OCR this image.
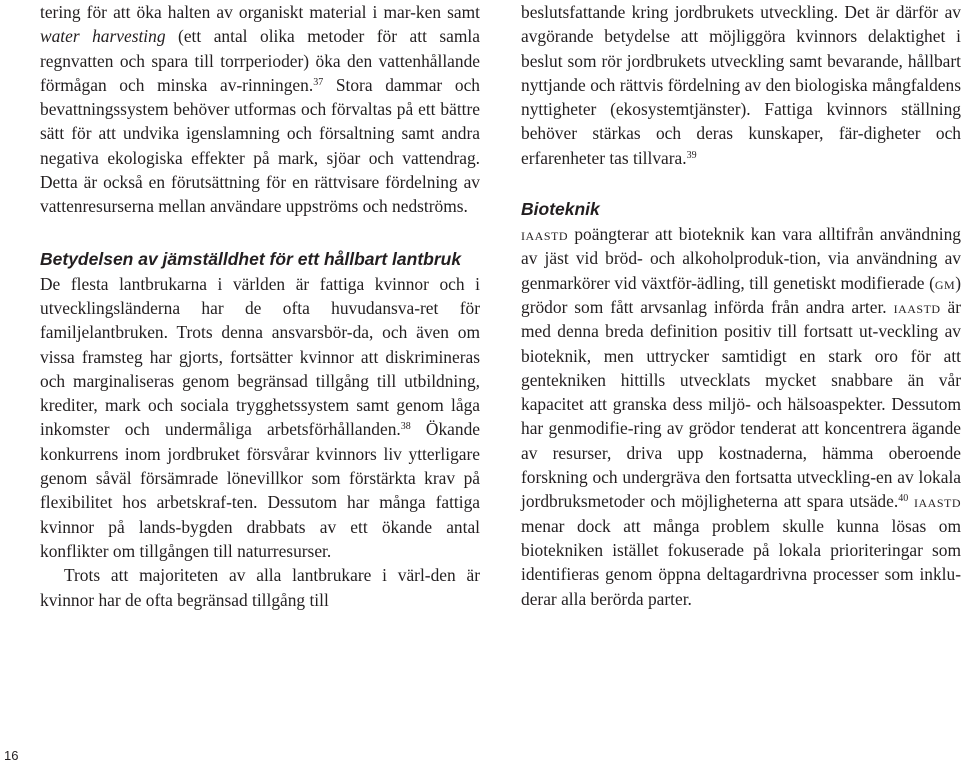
tering för att öka halten av organiskt material i mar-ken samt water harvesting (ett antal olika metoder för att samla regnvatten och spara till torrperioder) öka den vattenhållande förmågan och minska av-rinningen.$^{37}$ Stora dammar och bevattningssystem behöver utformas och förvaltas på ett bättre sätt för att undvika igenslamning och försaltning samt andra negativa ekologiska effekter på mark, sjöar och vattendrag. Detta är också en förutsättning för en rättvisare fördelning av vattenresurserna mellan användare uppströms och nedströms.

Betydelsen av jämställdhet för ett hållbart lantbruk

De flesta lantbrukarna i världen är fattiga kvinnor och i utvecklingsländerna har de ofta huvudansva-ret för familjelantbruken. Trots denna ansvarsbör-da, och även om vissa framsteg har gjorts, fortsätter kvinnor att diskrimineras och marginaliseras genom begränsad tillgång till utbildning, krediter, mark och sociala trygghetssystem samt genom låga inkomster och undermåliga arbetsförhållanden.$^{38}$ Ökande konkurrens inom jordbruket försvårar kvinnors liv ytterligare genom såväl försämrade lönevillkor som förstärkta krav på flexibilitet hos arbetskraf-ten. Dessutom har många fattiga kvinnor på lands-bygden drabbats av ett ökande antal konflikter om tillgången till naturresurser.

Trots att majoriteten av alla lantbrukare i värl-den är kvinnor har de ofta begränsad tillgång till

beslutsfattande kring jordbrukets utveckling. Det är därför av avgörande betydelse att möjliggöra kvinnors delaktighet i beslut som rör jordbrukets utveckling samt bevarande, hållbart nyttjande och rättvis fördelning av den biologiska mångfaldens nyttigheter (ekosystemtjänster). Fattiga kvinnors ställning behöver stärkas och deras kunskaper, fär-digheter och erfarenheter tas tillvara.$^{39}$

Bioteknik

iaastd poängterar att bioteknik kan vara alltifrån användning av jäst vid bröd- och alkoholproduk-tion, via användning av genmarkörer vid växtför-ädling, till genetiskt modifierade (gm) grödor som fått arvsanlag införda från andra arter. iaastd är med denna breda definition positiv till fortsatt ut-veckling av bioteknik, men uttrycker samtidigt en stark oro för att gentekniken hittills utvecklats mycket snabbare än vår kapacitet att granska dess miljö- och hälsoaspekter. Dessutom har genmodifie-ring av grödor tenderat att koncentrera ägande av resurser, driva upp kostnaderna, hämma oberoende forskning och undergräva den fortsatta utveckling-en av lokala jordbruksmetoder och möjligheterna att spara utsäde.$^{40}$ iaastd menar dock att många problem skulle kunna lösas om biotekniken istället fokuserade på lokala prioriteringar som identifieras genom öppna deltagardrivna processer som inklu-derar alla berörda parter.

16
